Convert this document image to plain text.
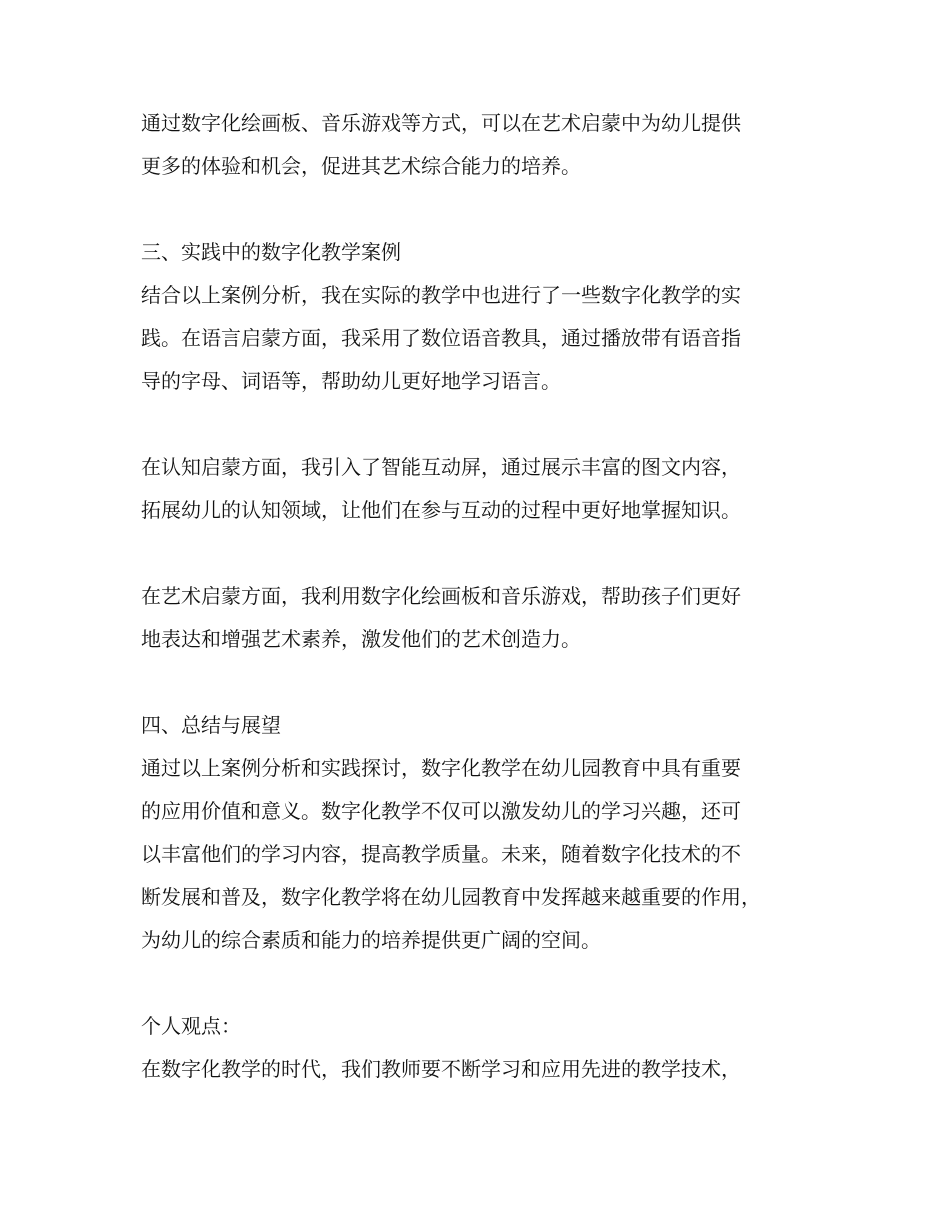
通过数字化绘画板、音乐游戏等方式，可以在艺术启蒙中为幼儿提供

更多的体验和机会，促进其艺术综合能力的培养。

三、实践中的数字化教学案例

结合以上案例分析，我在实际的教学中也进行了一些数字化教学的实

践。在语言启蒙方面，我采用了数位语音教具，通过播放带有语音指

导的字母、词语等，帮助幼儿更好地学习语言。

在认知启蒙方面，我引入了智能互动屏，通过展示丰富的图文内容，

拓展幼儿的认知领域，让他们在参与互动的过程中更好地掌握知识。

在艺术启蒙方面，我利用数字化绘画板和音乐游戏，帮助孩子们更好

地表达和增强艺术素养，激发他们的艺术创造力。

四、总结与展望

通过以上案例分析和实践探讨，数字化教学在幼儿园教育中具有重要

的应用价值和意义。数字化教学不仅可以激发幼儿的学习兴趣，还可

以丰富他们的学习内容，提高教学质量。未来，随着数字化技术的不

断发展和普及，数字化教学将在幼儿园教育中发挥越来越重要的作用，

为幼儿的综合素质和能力的培养提供更广阔的空间。

个人观点：

在数字化教学的时代，我们教师要不断学习和应用先进的教学技术，
